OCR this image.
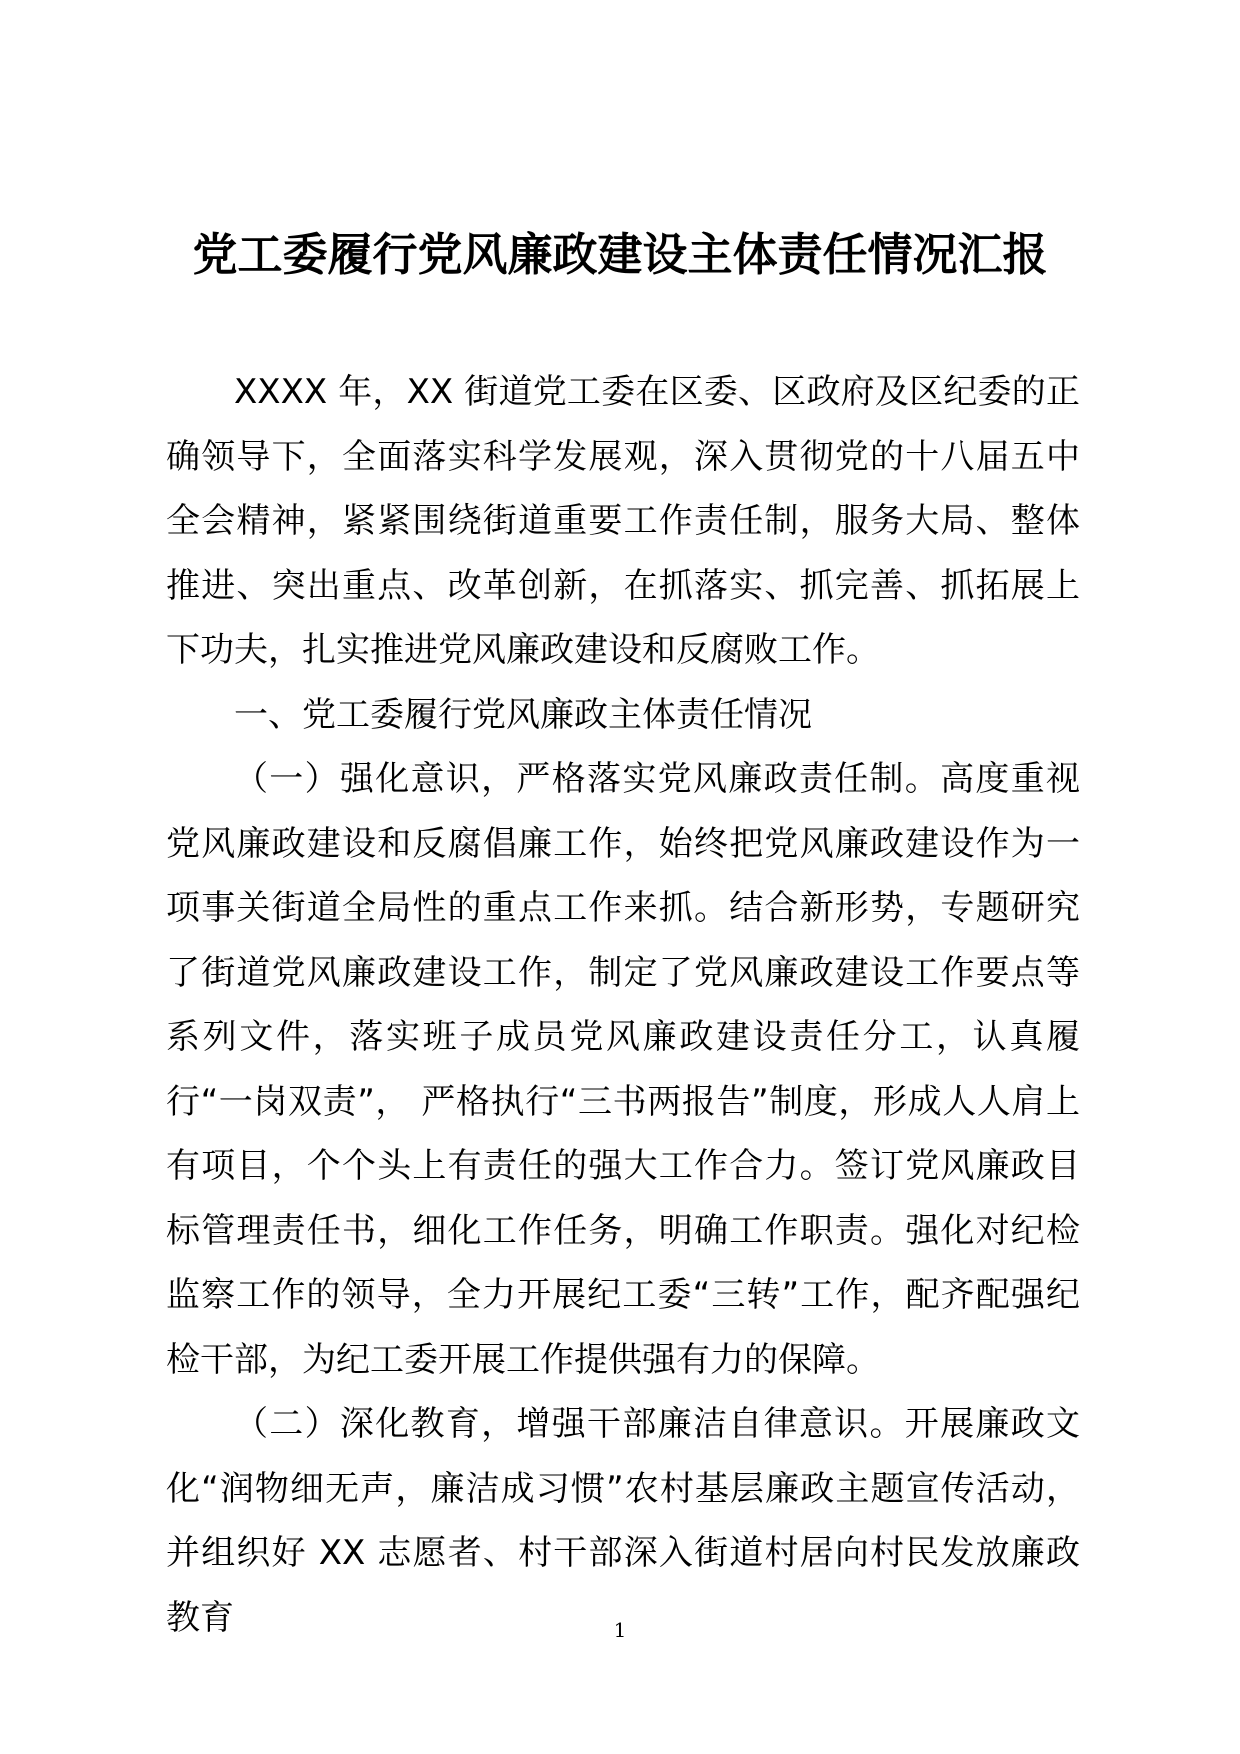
党工委履行党风廉政建设主体责任情况汇报

XXXX 年，XX 街道党工委在区委、区政府及区纪委的正确领导下，全面落实科学发展观，深入贯彻党的十八届五中全会精神，紧紧围绕街道重要工作责任制，服务大局、整体推进、突出重点、改革创新，在抓落实、抓完善、抓拓展上下功夫，扎实推进党风廉政建设和反腐败工作。

一、党工委履行党风廉政主体责任情况

（一）强化意识，严格落实党风廉政责任制。高度重视党风廉政建设和反腐倡廉工作，始终把党风廉政建设作为一项事关街道全局性的重点工作来抓。结合新形势，专题研究了街道党风廉政建设工作，制定了党风廉政建设工作要点等系列文件，落实班子成员党风廉政建设责任分工，认真履行“一岗双责”， 严格执行“三书两报告”制度，形成人人肩上有项目，个个头上有责任的强大工作合力。签订党风廉政目标管理责任书，细化工作任务，明确工作职责。强化对纪检监察工作的领导，全力开展纪工委“三转”工作，配齐配强纪检干部，为纪工委开展工作提供强有力的保障。

（二）深化教育，增强干部廉洁自律意识。开展廉政文化“润物细无声，廉洁成习惯”农村基层廉政主题宣传活动，并组织好 XX 志愿者、村干部深入街道村居向村民发放廉政教育	1
